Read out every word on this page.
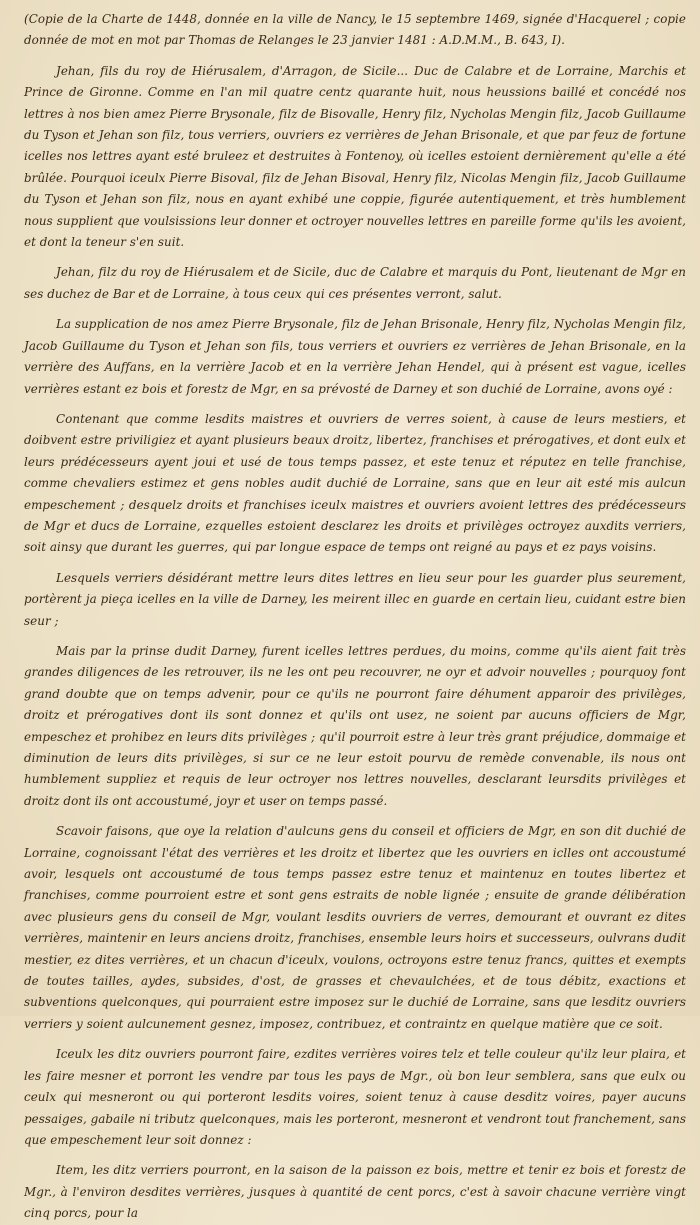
(Copie de la Charte de 1448, donnée en la ville de Nancy, le 15 septembre 1469, signée d'Hacquerel ; copie donnée de mot en mot par Thomas de Relanges le 23 janvier 1481 : A.D.M.M., B. 643, I).

Jehan, fils du roy de Hiérusalem, d'Arragon, de Sicile... Duc de Calabre et de Lorraine, Marchis et Prince de Gironne. Comme en l'an mil quatre centz quarante huit, nous heussions baillé et concédé nos lettres à nos bien amez Pierre Brysonale, filz de Bisovalle, Henry filz, Nycholas Mengin filz, Jacob Guillaume du Tyson et Jehan son filz, tous verriers, ouvriers ez verrières de Jehan Brisonale, et que par feuz de fortune icelles nos lettres ayant esté bruleez et destruites à Fontenoy, où icelles estoient dernièrement qu'elle a été brûlée. Pourquoi iceulx Pierre Bisoval, filz de Jehan Bisoval, Henry filz, Nicolas Mengin filz, Jacob Guillaume du Tyson et Jehan son filz, nous en ayant exhibé une coppie, figurée autentiquement, et très humblement nous supplient que voulsissions leur donner et octroyer nouvelles lettres en pareille forme qu'ils les avoient, et dont la teneur s'en suit.

Jehan, filz du roy de Hiérusalem et de Sicile, duc de Calabre et marquis du Pont, lieutenant de Mgr en ses duchez de Bar et de Lorraine, à tous ceux qui ces présentes verront, salut.

La supplication de nos amez Pierre Brysonale, filz de Jehan Brisonale, Henry filz, Nycholas Mengin filz, Jacob Guillaume du Tyson et Jehan son fils, tous verriers et ouvriers ez verrières de Jehan Brisonale, en la verrière des Auffans, en la verrière Jacob et en la verrière Jehan Hendel, qui à présent est vague, icelles verrières estant ez bois et forestz de Mgr, en sa prévosté de Darney et son duchié de Lorraine, avons oyé :

Contenant que comme lesdits maistres et ouvriers de verres soient, à cause de leurs mestiers, et doibvent estre priviligiez et ayant plusieurs beaux droitz, libertez, franchises et prérogatives, et dont eulx et leurs prédécesseurs ayent joui et usé de tous temps passez, et este tenuz et réputez en telle franchise, comme chevaliers estimez et gens nobles audit duchié de Lorraine, sans que en leur ait esté mis aulcun empeschement ; desquelz droits et franchises iceulx maistres et ouvriers avoient lettres des prédécesseurs de Mgr et ducs de Lorraine, ezquelles estoient desclarez les droits et privilèges octroyez auxdits verriers, soit ainsy que durant les guerres, qui par longue espace de temps ont reigné au pays et ez pays voisins.

Lesquels verriers désidérant mettre leurs dites lettres en lieu seur pour les guarder plus seurement, portèrent ja pieça icelles en la ville de Darney, les meirent illec en guarde en certain lieu, cuidant estre bien seur ;

Mais par la prinse dudit Darney, furent icelles lettres perdues, du moins, comme qu'ils aient fait très grandes diligences de les retrouver, ils ne les ont peu recouvrer, ne oyr et advoir nouvelles ; pourquoy font grand doubte que on temps advenir, pour ce qu'ils ne pourront faire déhument apparoir des privilèges, droitz et prérogatives dont ils sont donnez et qu'ils ont usez, ne soient par aucuns officiers de Mgr, empeschez et prohibez en leurs dits privilèges ; qu'il pourroit estre à leur très grant préjudice, dommaige et diminution de leurs dits privilèges, si sur ce ne leur estoit pourvu de remède convenable, ils nous ont humblement suppliez et requis de leur octroyer nos lettres nouvelles, desclarant leursdits privilèges et droitz dont ils ont accoustumé, joyr et user on temps passé.

Scavoir faisons, que oye la relation d'aulcuns gens du conseil et officiers de Mgr, en son dit duchié de Lorraine, cognoissant l'état des verrières et les droitz et libertez que les ouvriers en iclles ont accoustumé avoir, lesquels ont accoustumé de tous temps passez estre tenuz et maintenuz en toutes libertez et franchises, comme pourroient estre et sont gens estraits de noble lignée ; ensuite de grande délibération avec plusieurs gens du conseil de Mgr, voulant lesdits ouvriers de verres, demourant et ouvrant ez dites verrières, maintenir en leurs anciens droitz, franchises, ensemble leurs hoirs et successeurs, oulvrans dudit mestier, ez dites verrières, et un chacun d'iceulx, voulons, octroyons estre tenuz francs, quittes et exempts de toutes tailles, aydes, subsides, d'ost, de grasses et chevaulchées, et de tous débitz, exactions et subventions quelconques, qui pourraient estre imposez sur le duchié de Lorraine, sans que lesditz ouvriers verriers y soient aulcunement gesnez, imposez, contribuez, et contraintz en quelque matière que ce soit.

Iceulx les ditz ouvriers pourront faire, ezdites verrières voires telz et telle couleur qu'ilz leur plaira, et les faire mesner et porront les vendre par tous les pays de Mgr., où bon leur semblera, sans que eulx ou ceulx qui mesneront ou qui porteront lesdits voires, soient tenuz à cause desditz voires, payer aucuns pessaiges, gabaile ni tributz quelconques, mais les porteront, mesneront et vendront tout franchement, sans que empeschement leur soit donnez :

Item, les ditz verriers pourront, en la saison de la paisson ez bois, mettre et tenir ez bois et forestz de Mgr., à l'environ desdites verrières, jusques à quantité de cent porcs, c'est à savoir chacune verrière vingt cinq porcs, pour la
